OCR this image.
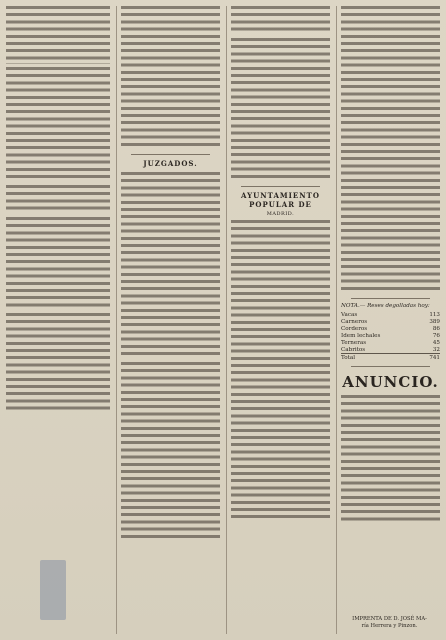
JUZGADOS.

AYUNTAMIENTO POPULAR DE
MADRID.

NOTA.— Reses degolladas hoy:
Vacas	113
Carneros	389
Corderos	86
Idem lechales	76
Terneras	45
Cabritos	32
Total	741
ANUNCIO.

IMPRENTA DE D. JOSÉ MA-
ría Herrera y Pinzon.
